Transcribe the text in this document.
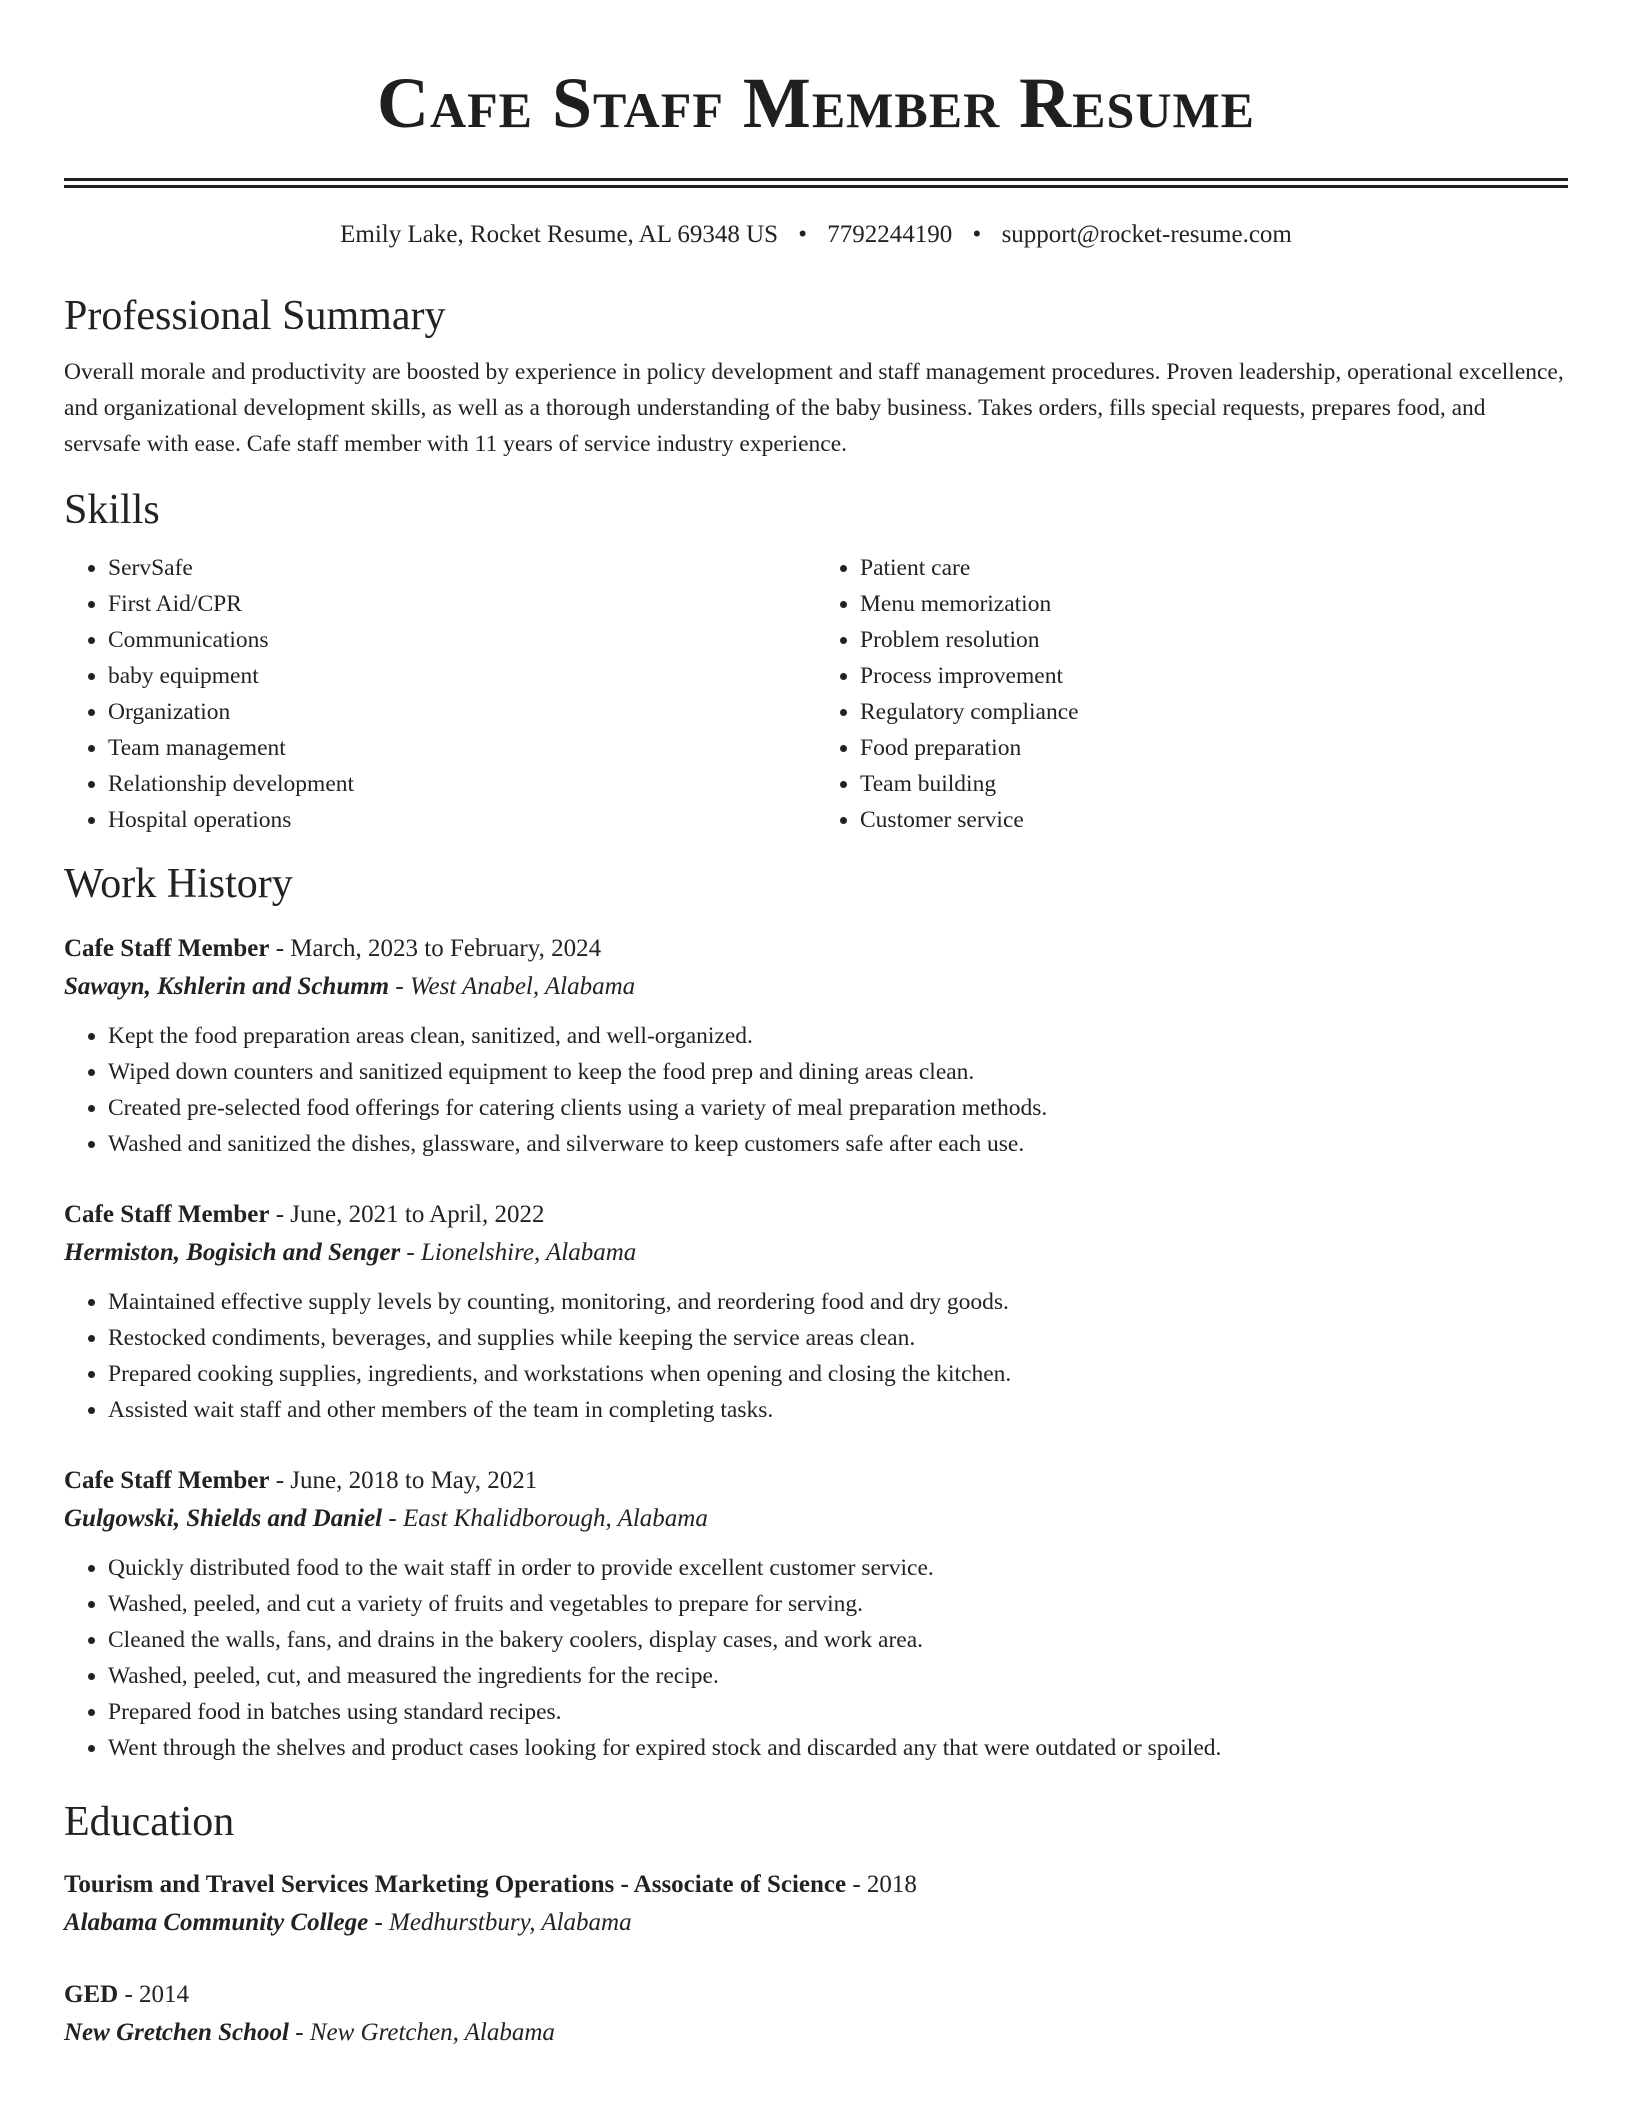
Cafe Staff Member Resume
Emily Lake, Rocket Resume, AL 69348 US • 7792244190 • support@rocket-resume.com
Professional Summary

Overall morale and productivity are boosted by experience in policy development and staff management procedures. Proven leadership, operational excellence, and organizational development skills, as well as a thorough understanding of the baby business. Takes orders, fills special requests, prepares food, and servsafe with ease. Cafe staff member with 11 years of service industry experience.

Skills
• ServSafe
• First Aid/CPR
• Communications
• baby equipment
• Organization
• Team management
• Relationship development
• Hospital operations
• Patient care
• Menu memorization
• Problem resolution
• Process improvement
• Regulatory compliance
• Food preparation
• Team building
• Customer service
Work History
Cafe Staff Member - March, 2023 to February, 2024
Sawayn, Kshlerin and Schumm - West Anabel, Alabama
• Kept the food preparation areas clean, sanitized, and well-organized.
• Wiped down counters and sanitized equipment to keep the food prep and dining areas clean.
• Created pre-selected food offerings for catering clients using a variety of meal preparation methods.
• Washed and sanitized the dishes, glassware, and silverware to keep customers safe after each use.
Cafe Staff Member - June, 2021 to April, 2022
Hermiston, Bogisich and Senger - Lionelshire, Alabama
• Maintained effective supply levels by counting, monitoring, and reordering food and dry goods.
• Restocked condiments, beverages, and supplies while keeping the service areas clean.
• Prepared cooking supplies, ingredients, and workstations when opening and closing the kitchen.
• Assisted wait staff and other members of the team in completing tasks.
Cafe Staff Member - June, 2018 to May, 2021
Gulgowski, Shields and Daniel - East Khalidborough, Alabama
• Quickly distributed food to the wait staff in order to provide excellent customer service.
• Washed, peeled, and cut a variety of fruits and vegetables to prepare for serving.
• Cleaned the walls, fans, and drains in the bakery coolers, display cases, and work area.
• Washed, peeled, cut, and measured the ingredients for the recipe.
• Prepared food in batches using standard recipes.
• Went through the shelves and product cases looking for expired stock and discarded any that were outdated or spoiled.
Education
Tourism and Travel Services Marketing Operations - Associate of Science - 2018
Alabama Community College - Medhurstbury, Alabama
GED - 2014
New Gretchen School - New Gretchen, Alabama
